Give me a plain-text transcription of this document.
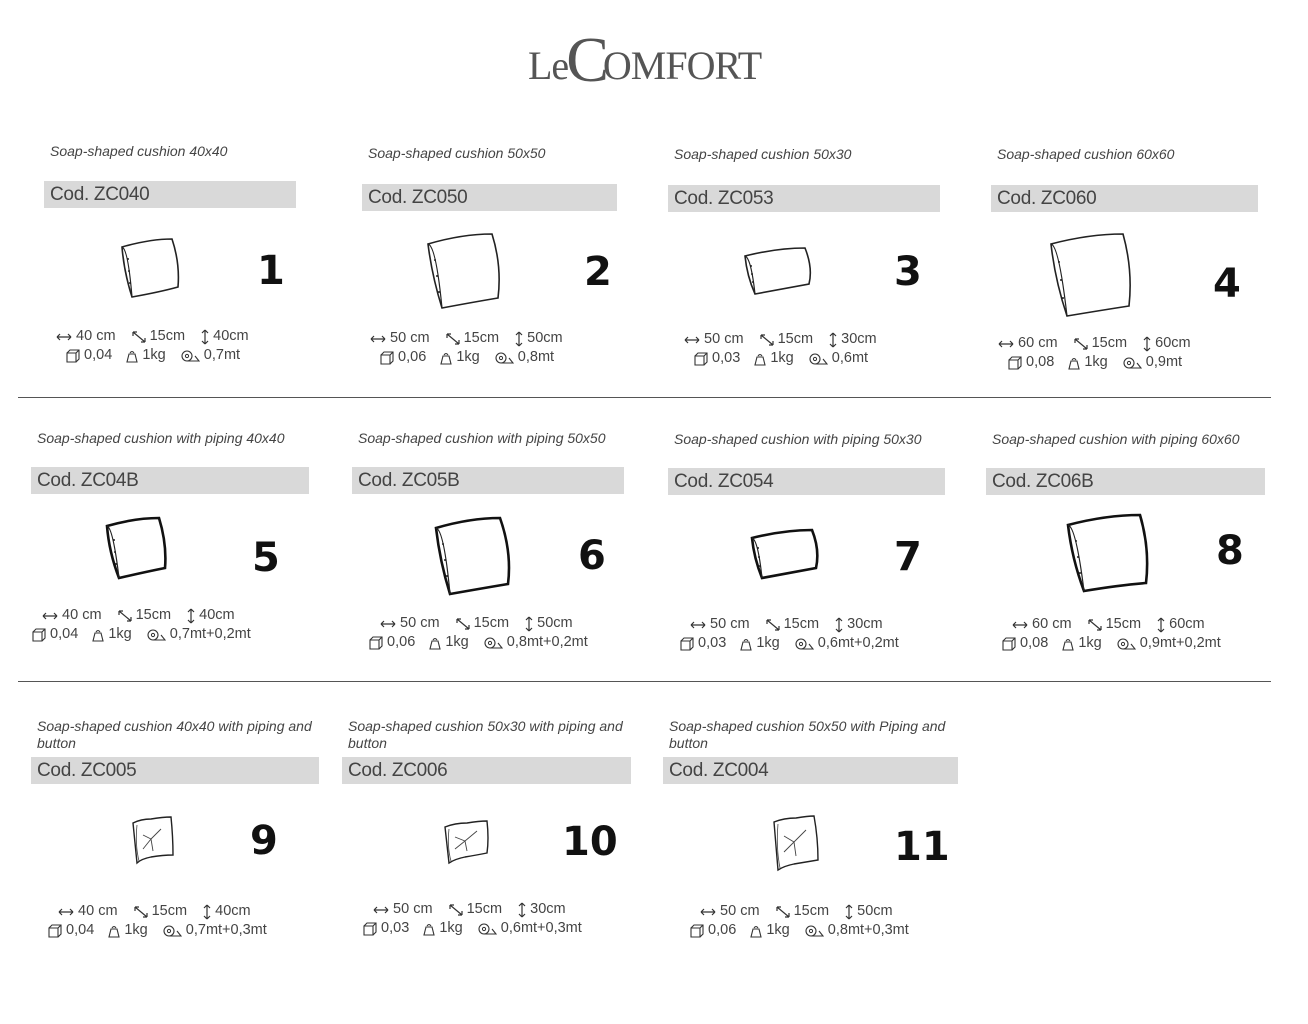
Le
C
OMFORT
Soap-shaped cushion 40x40
Cod. ZC040
1
40 cm 15cm 40cm
0,04 1kg	0,7mt
Soap-shaped cushion 50x50
Cod. ZC050
2
50 cm 15cm 50cm
0,06 1kg	0,8mt
Soap-shaped cushion 50x30
Cod. ZC053
3
50 cm 15cm 30cm
0,03 1kg	0,6mt
Soap-shaped cushion 60x60
Cod. ZC060
4
60 cm 15cm 60cm
0,08 1kg	0,9mt
Soap-shaped cushion with piping 40x40
Cod. ZC04B
5
40 cm 15cm 40cm
0,04 1kg	0,7mt+0,2mt
Soap-shaped cushion with piping 50x50
Cod. ZC05B
6
50 cm 15cm 50cm
0,06 1kg	0,8mt+0,2mt
Soap-shaped cushion with piping 50x30
Cod. ZC054
7
50 cm 15cm 30cm
0,03 1kg	0,6mt+0,2mt
Soap-shaped cushion with piping 60x60
Cod. ZC06B
8
60 cm 15cm 60cm
0,08 1kg	0,9mt+0,2mt
Soap-shaped cushion 40x40 with piping and button
Cod. ZC005
9
40 cm 15cm 40cm
0,04 1kg	0,7mt+0,3mt
Soap-shaped cushion 50x30 with piping and button
Cod. ZC006
10
50 cm 15cm 30cm
0,03 1kg	0,6mt+0,3mt
Soap-shaped cushion 50x50 with Piping and button
Cod. ZC004
11
50 cm 15cm 50cm
0,06 1kg	0,8mt+0,3mt
